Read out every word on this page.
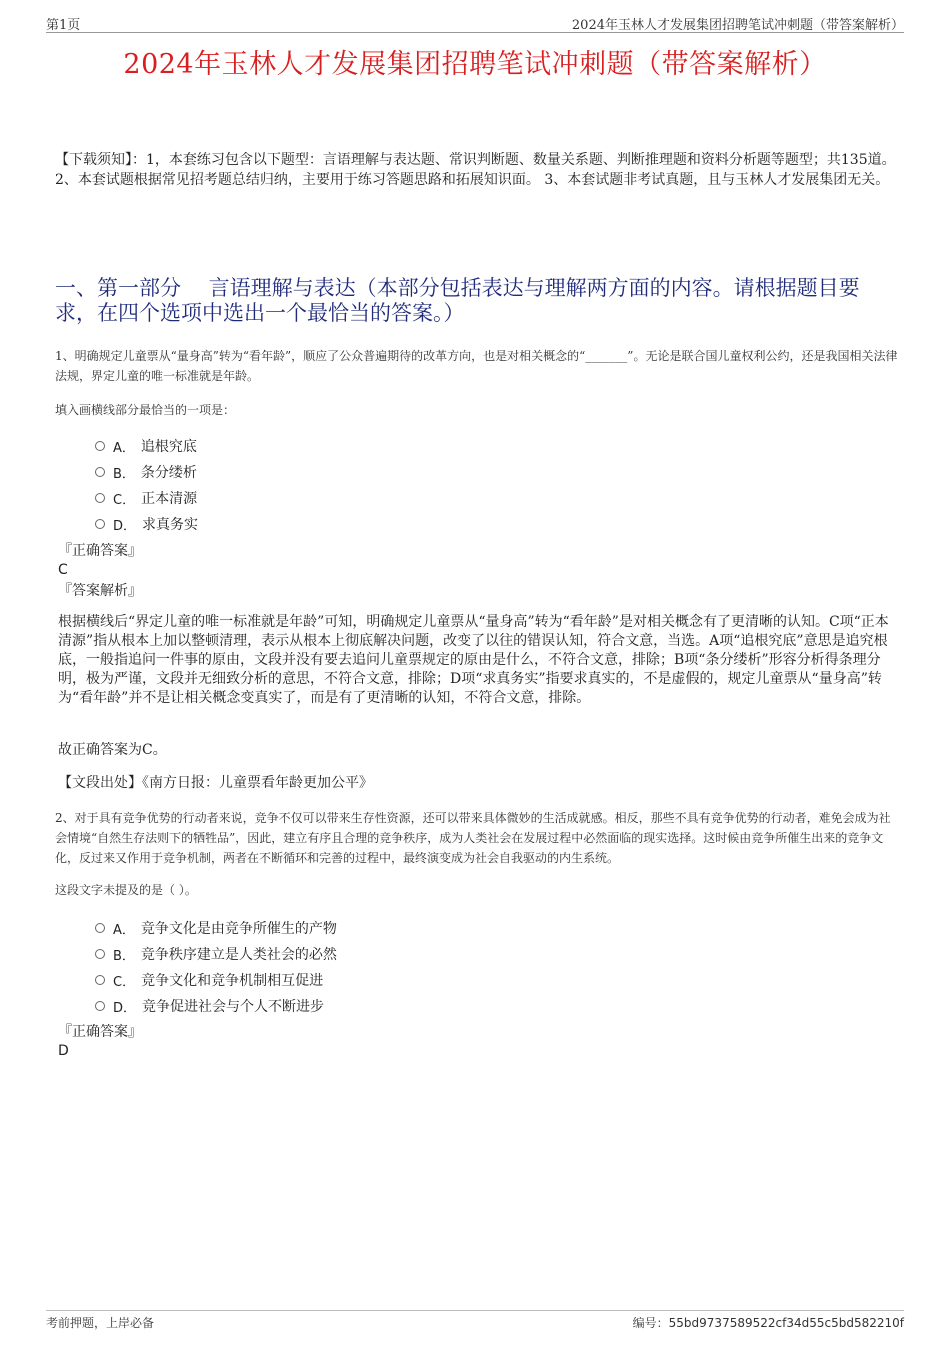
第1页	2024年玉林人才发展集团招聘笔试冲刺题（带答案解析）
2024年玉林人才发展集团招聘笔试冲刺题（带答案解析）
【下载须知】：1，本套练习包含以下题型：言语理解与表达题、常识判断题、数量关系题、判断推理题和资料分析题等题型；共135道。 2、本套试题根据常见招考题总结归纳，主要用于练习答题思路和拓展知识面。 3、本套试题非考试真题，且与玉林人才发展集团无关。
一、第一部分　 言语理解与表达（本部分包括表达与理解两方面的内容。请根据题目要求，在四个选项中选出一个最恰当的答案。）
1、明确规定儿童票从“量身高”转为“看年龄”，顺应了公众普遍期待的改革方向，也是对相关概念的“_______”。无论是联合国儿童权利公约，还是我国相关法律法规，界定儿童的唯一标准就是年龄。
填入画横线部分最恰当的一项是：
A． 追根究底
B． 条分缕析
C． 正本清源
D． 求真务实
『正确答案』
C
『答案解析』
根据横线后“界定儿童的唯一标准就是年龄”可知，明确规定儿童票从“量身高”转为“看年龄”是对相关概念有了更清晰的认知。C项“正本清源”指从根本上加以整顿清理，表示从根本上彻底解决问题，改变了以往的错误认知，符合文意，当选。A项“追根究底”意思是追究根底，一般指追问一件事的原由，文段并没有要去追问儿童票规定的原由是什么，不符合文意，排除；B项“条分缕析”形容分析得条理分明，极为严谨，文段并无细致分析的意思，不符合文意，排除；D项“求真务实”指要求真实的，不是虚假的，规定儿童票从“量身高”转为“看年龄”并不是让相关概念变真实了，而是有了更清晰的认知，不符合文意，排除。
故正确答案为C。
【文段出处】《南方日报：儿童票看年龄更加公平》
2、对于具有竞争优势的行动者来说，竞争不仅可以带来生存性资源，还可以带来具体微妙的生活成就感。相反，那些不具有竞争优势的行动者，难免会成为社会情境“自然生存法则下的牺牲品”，因此，建立有序且合理的竞争秩序，成为人类社会在发展过程中必然面临的现实选择。这时候由竞争所催生出来的竞争文化，反过来又作用于竞争机制，两者在不断循环和完善的过程中，最终演变成为社会自我驱动的内生系统。
这段文字未提及的是（ ）。
A． 竞争文化是由竞争所催生的产物
B． 竞争秩序建立是人类社会的必然
C． 竞争文化和竞争机制相互促进
D． 竞争促进社会与个人不断进步
『正确答案』
D
考前押题，上岸必备	编号：55bd9737589522cf34d55c5bd582210f
